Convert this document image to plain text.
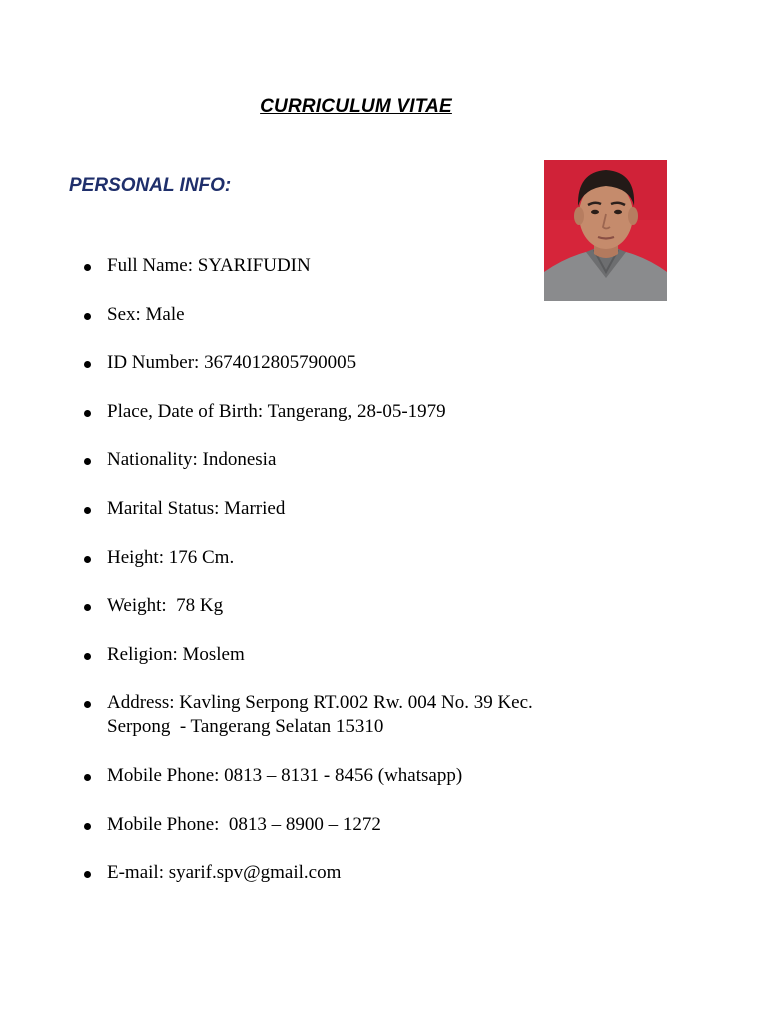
CURRICULUM VITAE
PERSONAL INFO:
Full Name: SYARIFUDIN
Sex: Male
ID Number: 3674012805790005
Place, Date of Birth: Tangerang, 28-05-1979
Nationality: Indonesia
Marital Status: Married
Height: 176 Cm.
Weight:  78 Kg
Religion: Moslem
Address: Kavling Serpong RT.002 Rw. 004 No. 39 Kec.
Serpong  - Tangerang Selatan 15310
Mobile Phone: 0813 – 8131 - 8456 (whatsapp)
Mobile Phone:  0813 – 8900 – 1272
E-mail: syarif.spv@gmail.com
